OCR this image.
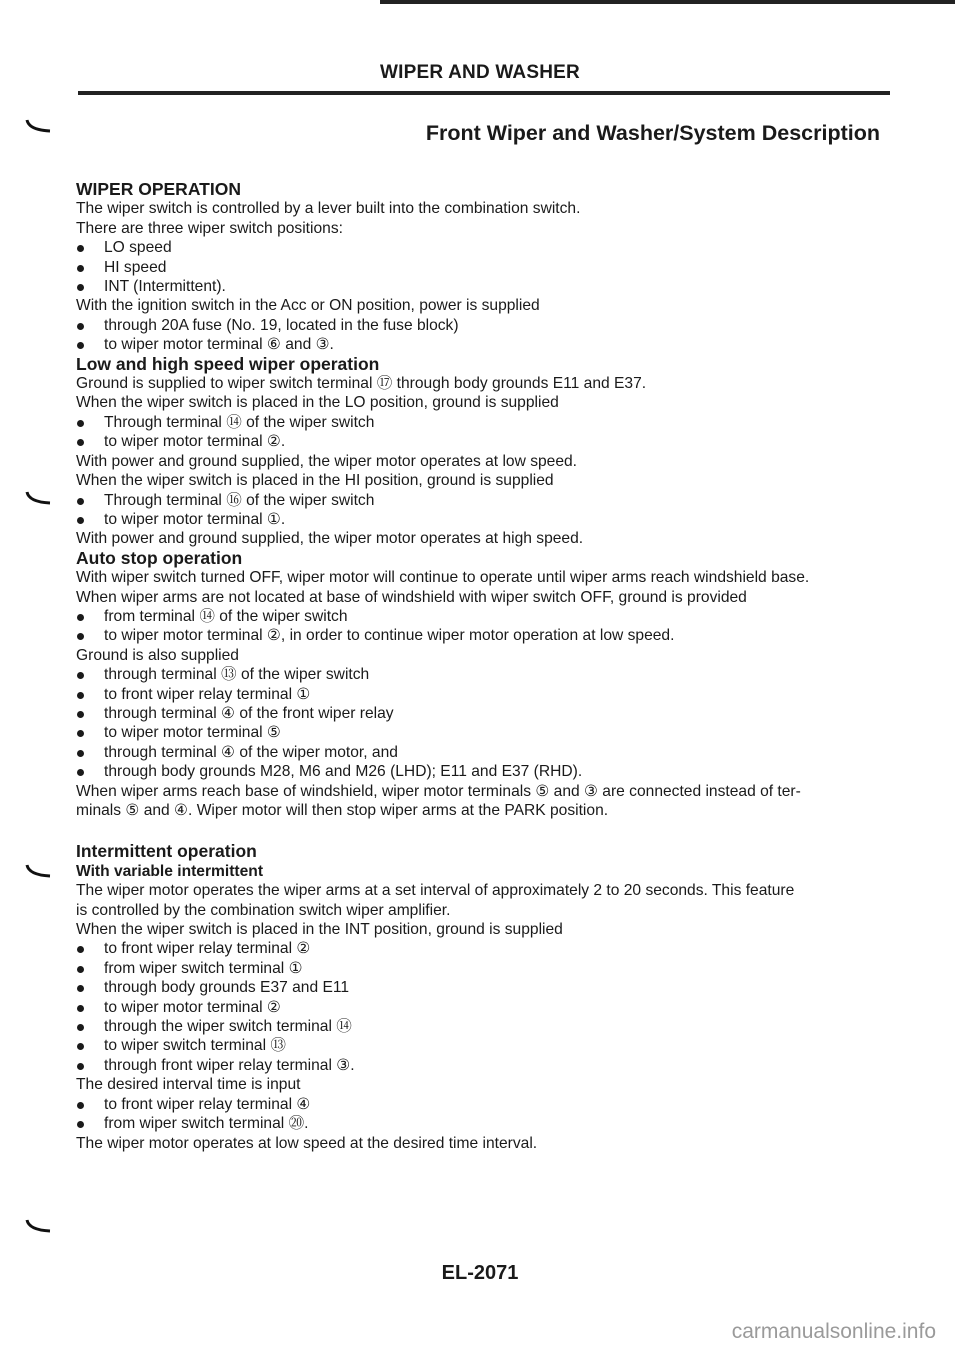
WIPER AND WASHER
Front Wiper and Washer/System Description

WIPER OPERATION

The wiper switch is controlled by a lever built into the combination switch.

There are three wiper switch positions:

LO speed

HI speed

INT (Intermittent).

With the ignition switch in the Acc or ON position, power is supplied

through 20A fuse (No. 19, located in the fuse block)

to wiper motor terminal ⑥ and ③.

Low and high speed wiper operation

Ground is supplied to wiper switch terminal ⑰ through body grounds E11 and E37.

When the wiper switch is placed in the LO position, ground is supplied

Through terminal ⑭ of the wiper switch

to wiper motor terminal ②.

With power and ground supplied, the wiper motor operates at low speed.

When the wiper switch is placed in the HI position, ground is supplied

Through terminal ⑯ of the wiper switch

to wiper motor terminal ①.

With power and ground supplied, the wiper motor operates at high speed.

Auto stop operation

With wiper switch turned OFF, wiper motor will continue to operate until wiper arms reach windshield base.

When wiper arms are not located at base of windshield with wiper switch OFF, ground is provided

from terminal ⑭ of the wiper switch

to wiper motor terminal ②, in order to continue wiper motor operation at low speed.

Ground is also supplied

through terminal ⑬ of the wiper switch

to front wiper relay terminal ①

through terminal ④ of the front wiper relay

to wiper motor terminal ⑤

through terminal ④ of the wiper motor, and

through body grounds M28, M6 and M26 (LHD); E11 and E37 (RHD).

When wiper arms reach base of windshield, wiper motor terminals ⑤ and ③ are connected instead of ter-

minals ⑤ and ④. Wiper motor will then stop wiper arms at the PARK position.

Intermittent operation

With variable intermittent

The wiper motor operates the wiper arms at a set interval of approximately 2 to 20 seconds. This feature

is controlled by the combination switch wiper amplifier.

When the wiper switch is placed in the INT position, ground is supplied

to front wiper relay terminal ②

from wiper switch terminal ①

through body grounds E37 and E11

to wiper motor terminal ②

through the wiper switch terminal ⑭

to wiper switch terminal ⑬

through front wiper relay terminal ③.

The desired interval time is input

to front wiper relay terminal ④

from wiper switch terminal ⑳.

The wiper motor operates at low speed at the desired time interval.

EL-2071
carmanualsonline.info
